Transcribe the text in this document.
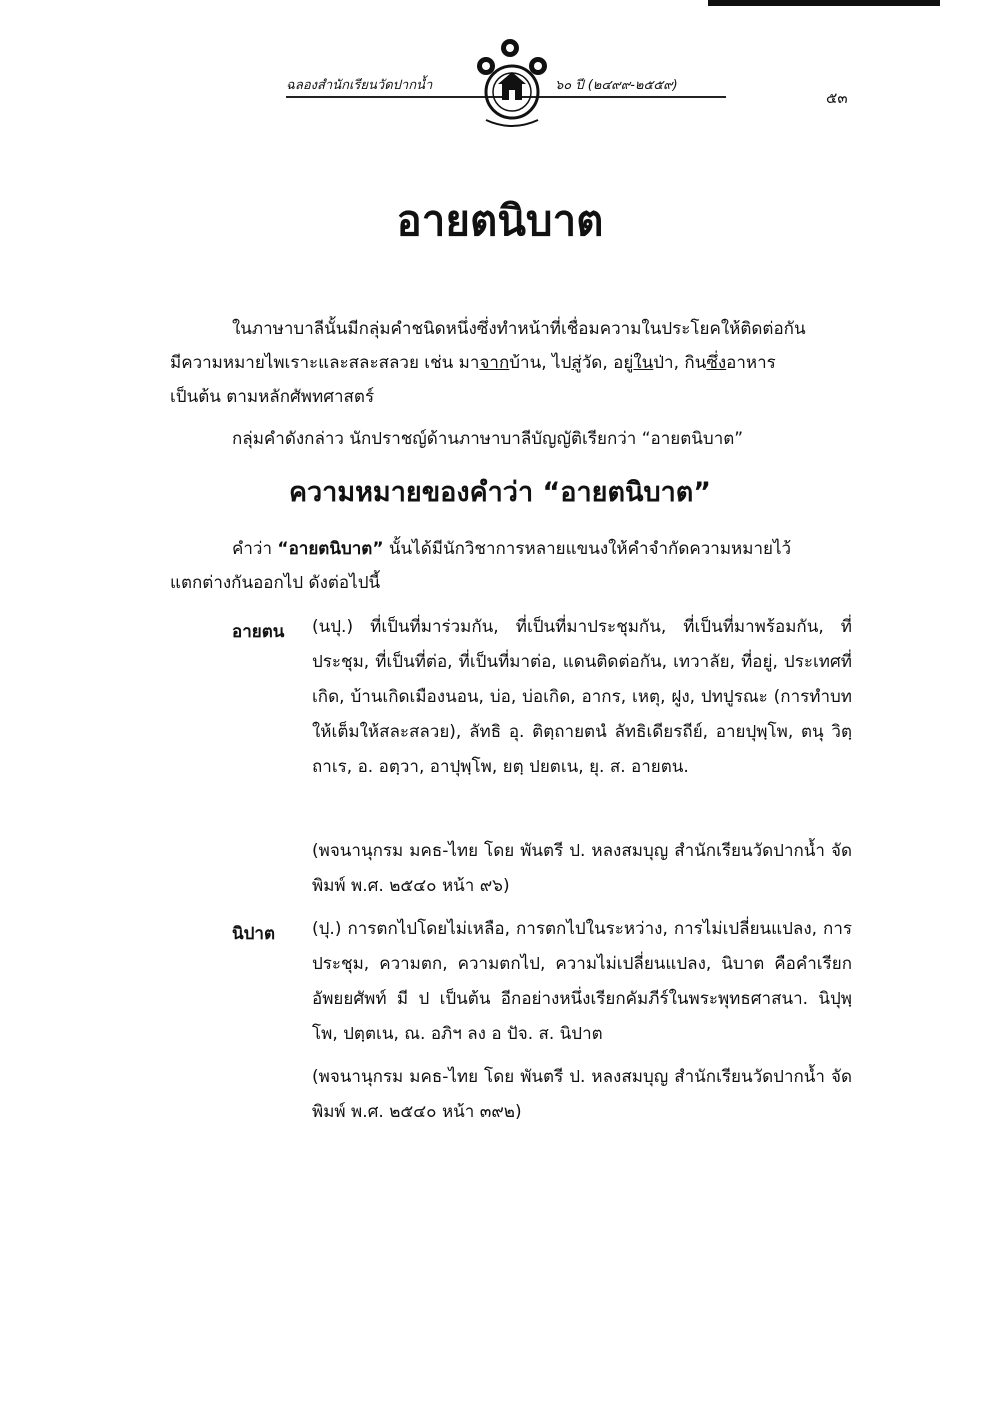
ฉลองสำนักเรียนวัดปากน้ำ	๖๐ ปี (๒๔๙๙-๒๕๕๙)
๕๓
อายตนิบาต
ในภาษาบาลีนั้นมีกลุ่มคำชนิดหนึ่งซึ่งทำหน้าที่เชื่อมความในประโยคให้ติดต่อกัน
มีความหมายไพเราะและสละสลวย เช่น มาจากบ้าน, ไปสู่วัด, อยู่ในป่า, กินซึ่งอาหาร
เป็นต้น ตามหลักศัพทศาสตร์
กลุ่มคำดังกล่าว นักปราชญ์ด้านภาษาบาลีบัญญัติเรียกว่า “อายตนิบาต”
ความหมายของคำว่า “อายตนิบาต”
คำว่า “อายตนิบาต” นั้นได้มีนักวิชาการหลายแขนงให้คำจำกัดความหมายไว้
แตกต่างกันออกไป ดังต่อไปนี้
อายตน (นปุ.) ที่เป็นที่มาร่วมกัน, ที่เป็นที่มาประชุมกัน, ที่เป็นที่มาพร้อมกัน, ที่ประชุม, ที่เป็นที่ต่อ, ที่เป็นที่มาต่อ, แดนติดต่อกัน, เทวาลัย, ที่อยู่, ประเทศที่เกิด, บ้านเกิดเมืองนอน, บ่อ, บ่อเกิด, อากร, เหตุ, ฝูง, ปทปูรณะ (การทำบทให้เต็มให้สละสลวย), ลัทธิ อุ. ติตฺถายตนํ ลัทธิเดียรถีย์, อายปุพฺโพ, ตนุ วิตฺถาเร, อ. อตฺวา, อาปุพฺโพ, ยตฺ ปยตเน, ยุ. ส. อายตน.
(พจนานุกรม มคธ-ไทย โดย พันตรี ป. หลงสมบุญ สำนักเรียนวัดปากน้ำ จัดพิมพ์ พ.ศ. ๒๕๔๐ หน้า ๙๖)
นิปาต (ปุ.) การตกไปโดยไม่เหลือ, การตกไปในระหว่าง, การไม่เปลี่ยนแปลง, การประชุม, ความตก, ความตกไป, ความไม่เปลี่ยนแปลง, นิบาต คือคำเรียก อัพยยศัพท์ มี ป เป็นต้น อีกอย่างหนึ่งเรียกคัมภีร์ในพระพุทธศาสนา. นิปุพฺโพ, ปตฺตเน, ณ. อภิฯ ลง อ ปัจ. ส. นิปาต
(พจนานุกรม มคธ-ไทย โดย พันตรี ป. หลงสมบุญ สำนักเรียนวัดปากน้ำ จัดพิมพ์ พ.ศ. ๒๕๔๐ หน้า ๓๙๒)
